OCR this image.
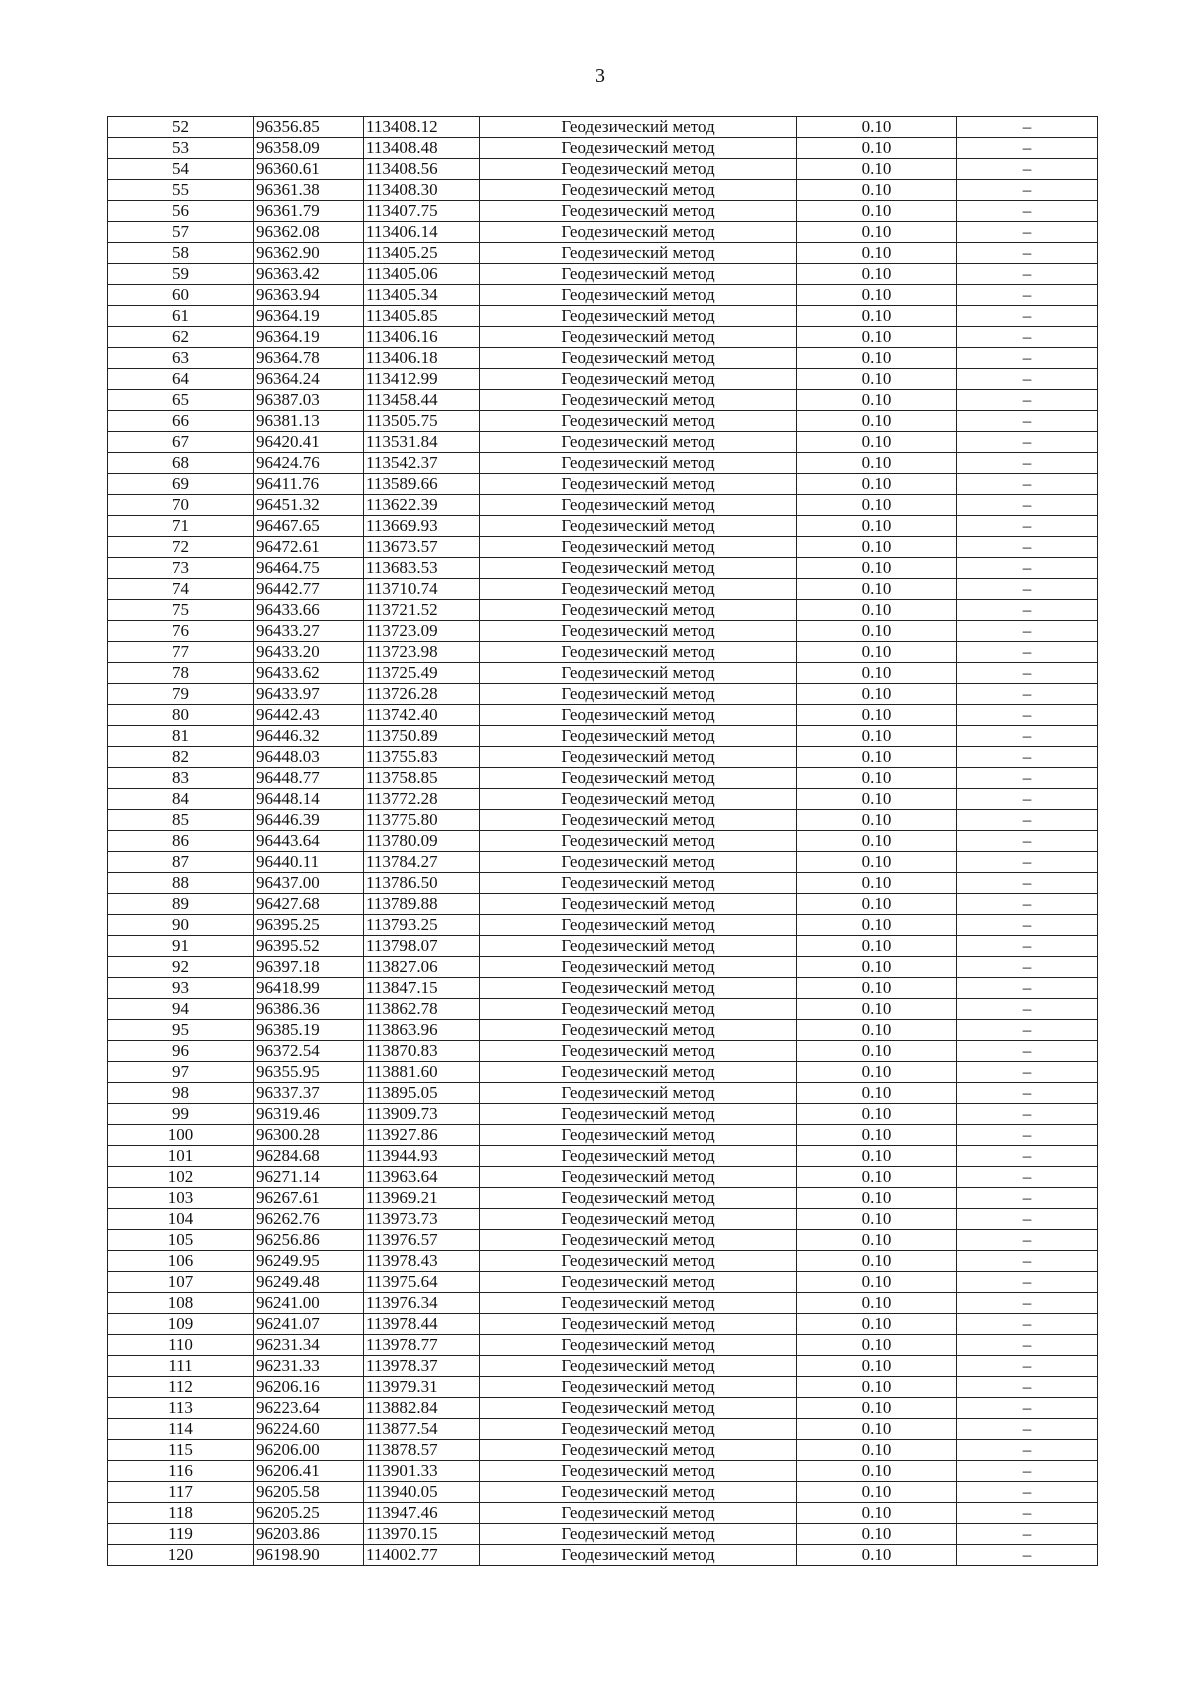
3
52	96356.85	113408.12	Геодезический метод	0.10	–
53	96358.09	113408.48	Геодезический метод	0.10	–
54	96360.61	113408.56	Геодезический метод	0.10	–
55	96361.38	113408.30	Геодезический метод	0.10	–
56	96361.79	113407.75	Геодезический метод	0.10	–
57	96362.08	113406.14	Геодезический метод	0.10	–
58	96362.90	113405.25	Геодезический метод	0.10	–
59	96363.42	113405.06	Геодезический метод	0.10	–
60	96363.94	113405.34	Геодезический метод	0.10	–
61	96364.19	113405.85	Геодезический метод	0.10	–
62	96364.19	113406.16	Геодезический метод	0.10	–
63	96364.78	113406.18	Геодезический метод	0.10	–
64	96364.24	113412.99	Геодезический метод	0.10	–
65	96387.03	113458.44	Геодезический метод	0.10	–
66	96381.13	113505.75	Геодезический метод	0.10	–
67	96420.41	113531.84	Геодезический метод	0.10	–
68	96424.76	113542.37	Геодезический метод	0.10	–
69	96411.76	113589.66	Геодезический метод	0.10	–
70	96451.32	113622.39	Геодезический метод	0.10	–
71	96467.65	113669.93	Геодезический метод	0.10	–
72	96472.61	113673.57	Геодезический метод	0.10	–
73	96464.75	113683.53	Геодезический метод	0.10	–
74	96442.77	113710.74	Геодезический метод	0.10	–
75	96433.66	113721.52	Геодезический метод	0.10	–
76	96433.27	113723.09	Геодезический метод	0.10	–
77	96433.20	113723.98	Геодезический метод	0.10	–
78	96433.62	113725.49	Геодезический метод	0.10	–
79	96433.97	113726.28	Геодезический метод	0.10	–
80	96442.43	113742.40	Геодезический метод	0.10	–
81	96446.32	113750.89	Геодезический метод	0.10	–
82	96448.03	113755.83	Геодезический метод	0.10	–
83	96448.77	113758.85	Геодезический метод	0.10	–
84	96448.14	113772.28	Геодезический метод	0.10	–
85	96446.39	113775.80	Геодезический метод	0.10	–
86	96443.64	113780.09	Геодезический метод	0.10	–
87	96440.11	113784.27	Геодезический метод	0.10	–
88	96437.00	113786.50	Геодезический метод	0.10	–
89	96427.68	113789.88	Геодезический метод	0.10	–
90	96395.25	113793.25	Геодезический метод	0.10	–
91	96395.52	113798.07	Геодезический метод	0.10	–
92	96397.18	113827.06	Геодезический метод	0.10	–
93	96418.99	113847.15	Геодезический метод	0.10	–
94	96386.36	113862.78	Геодезический метод	0.10	–
95	96385.19	113863.96	Геодезический метод	0.10	–
96	96372.54	113870.83	Геодезический метод	0.10	–
97	96355.95	113881.60	Геодезический метод	0.10	–
98	96337.37	113895.05	Геодезический метод	0.10	–
99	96319.46	113909.73	Геодезический метод	0.10	–
100	96300.28	113927.86	Геодезический метод	0.10	–
101	96284.68	113944.93	Геодезический метод	0.10	–
102	96271.14	113963.64	Геодезический метод	0.10	–
103	96267.61	113969.21	Геодезический метод	0.10	–
104	96262.76	113973.73	Геодезический метод	0.10	–
105	96256.86	113976.57	Геодезический метод	0.10	–
106	96249.95	113978.43	Геодезический метод	0.10	–
107	96249.48	113975.64	Геодезический метод	0.10	–
108	96241.00	113976.34	Геодезический метод	0.10	–
109	96241.07	113978.44	Геодезический метод	0.10	–
110	96231.34	113978.77	Геодезический метод	0.10	–
111	96231.33	113978.37	Геодезический метод	0.10	–
112	96206.16	113979.31	Геодезический метод	0.10	–
113	96223.64	113882.84	Геодезический метод	0.10	–
114	96224.60	113877.54	Геодезический метод	0.10	–
115	96206.00	113878.57	Геодезический метод	0.10	–
116	96206.41	113901.33	Геодезический метод	0.10	–
117	96205.58	113940.05	Геодезический метод	0.10	–
118	96205.25	113947.46	Геодезический метод	0.10	–
119	96203.86	113970.15	Геодезический метод	0.10	–
120	96198.90	114002.77	Геодезический метод	0.10	–
